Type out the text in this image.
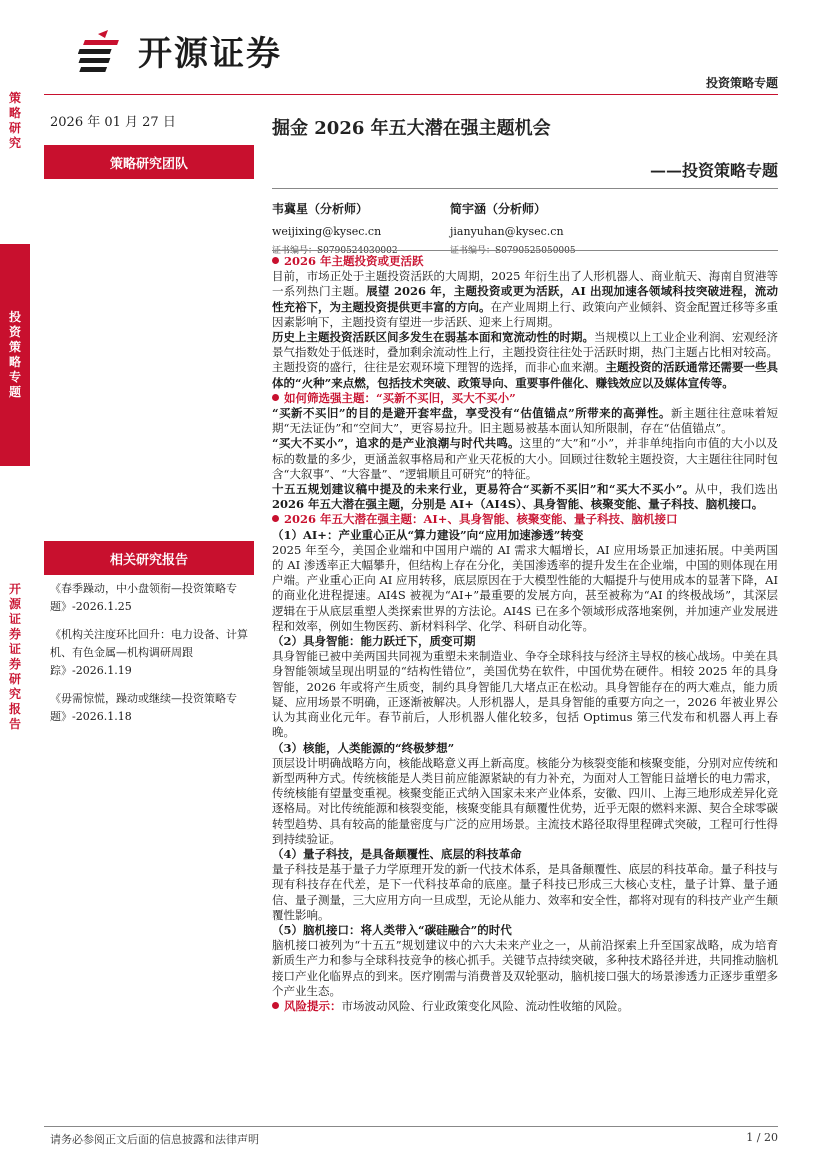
开源证券
投资策略专题
策
略
研
究
投
资
策
略
专
题
开
源
证
券
证
券
研
究
报
告
2026 年 01 月 27 日
策略研究团队
相关研究报告

《春季躁动，中小盘领衔—投资策略专题》-2026.1.25

《机构关注度环比回升：电力设备、计算机、有色金属—机构调研周跟踪》-2026.1.19

《毋需惊慌，躁动或继续—投资策略专题》-2026.1.18

掘金 2026 年五大潜在强主题机会
——投资策略专题
韦冀星（分析师）
weijixing@kysec.cn
证书编号：S0790524030002
简宇涵（分析师）
jianyuhan@kysec.cn
证书编号：S0790525050005

2026 年主题投资或更活跃

目前，市场正处于主题投资活跃的大周期，2025 年衍生出了人形机器人、商业航天、海南自贸港等一系列热门主题。展望 2026 年，主题投资或更为活跃，AI 出现加速各领域科技突破进程，流动性充裕下，为主题投资提供更丰富的方向。在产业周期上行、政策向产业倾斜、资金配置迁移等多重因素影响下，主题投资有望进一步活跃、迎来上行周期。

历史上主题投资活跃区间多发生在弱基本面和宽流动性的时期。当规模以上工业企业利润、宏观经济景气指数处于低迷时，叠加剩余流动性上行，主题投资往往处于活跃时期，热门主题占比相对较高。主题投资的盛行，往往是宏观环境下理智的选择，而非心血来潮。主题投资的活跃通常还需要一些具体的“火种”来点燃，包括技术突破、政策导向、重要事件催化、赚钱效应以及媒体宣传等。

如何筛选强主题：“买新不买旧，买大不买小”

“买新不买旧”的目的是避开套牢盘，享受没有“估值锚点”所带来的高弹性。新主题往往意味着短期“无法证伪”和“空间大”，更容易拉升。旧主题易被基本面认知所限制，存在“估值锚点”。

“买大不买小”，追求的是产业浪潮与时代共鸣。这里的“大”和“小”，并非单纯指向市值的大小以及标的数量的多少，更涵盖叙事格局和产业天花板的大小。回顾过往数轮主题投资，大主题往往同时包含“大叙事”、“大容量”、“逻辑顺且可研究”的特征。

十五五规划建议稿中提及的未来行业，更易符合“买新不买旧”和“买大不买小”。从中，我们选出2026 年五大潜在强主题，分别是 AI+（AI4S）、具身智能、核聚变能、量子科技、脑机接口。

2026 年五大潜在强主题：AI+、具身智能、核聚变能、量子科技、脑机接口

（1）AI+：产业重心正从“算力建设”向“应用加速渗透”转变

2025 年至今，美国企业端和中国用户端的 AI 需求大幅增长，AI 应用场景正加速拓展。中美两国的 AI 渗透率正大幅攀升，但结构上存在分化，美国渗透率的提升发生在企业端，中国的则体现在用户端。产业重心正向 AI 应用转移，底层原因在于大模型性能的大幅提升与使用成本的显著下降，AI 的商业化进程提速。AI4S 被视为“AI+”最重要的发展方向，甚至被称为“AI 的终极战场”，其深层逻辑在于从底层重塑人类探索世界的方法论。AI4S 已在多个领域形成落地案例，并加速产业发展进程和效率，例如生物医药、新材料科学、化学、科研自动化等。

（2）具身智能：能力跃迁下，质变可期

具身智能已被中美两国共同视为重塑未来制造业、争夺全球科技与经济主导权的核心战场。中美在具身智能领域呈现出明显的“结构性错位”，美国优势在软件，中国优势在硬件。相较 2025 年的具身智能，2026 年或将产生质变，制约具身智能几大堵点正在松动。具身智能存在的两大难点，能力质疑、应用场景不明确，正逐渐被解决。人形机器人，是具身智能的重要方向之一，2026 年被业界公认为其商业化元年。春节前后，人形机器人催化较多，包括 Optimus 第三代发布和机器人再上春晚。

（3）核能，人类能源的“终极梦想”

顶层设计明确战略方向，核能战略意义再上新高度。核能分为核裂变能和核聚变能，分别对应传统和新型两种方式。传统核能是人类目前应能源紧缺的有力补充，为面对人工智能日益增长的电力需求，传统核能有望量变重视。核聚变能正式纳入国家未来产业体系，安徽、四川、上海三地形成差异化竞逐格局。对比传统能源和核裂变能，核聚变能具有颠覆性优势，近乎无限的燃料来源、契合全球零碳转型趋势、具有较高的能量密度与广泛的应用场景。主流技术路径取得里程碑式突破，工程可行性得到持续验证。

（4）量子科技，是具备颠覆性、底层的科技革命

量子科技是基于量子力学原理开发的新一代技术体系，是具备颠覆性、底层的科技革命。量子科技与现有科技存在代差，是下一代科技革命的底座。量子科技已形成三大核心支柱，量子计算、量子通信、量子测量，三大应用方向一旦成型，无论从能力、效率和安全性，都将对现有的科技产业产生颠覆性影响。

（5）脑机接口：将人类带入“碳硅融合”的时代

脑机接口被列为“十五五”规划建议中的六大未来产业之一，从前沿探索上升至国家战略，成为培育新质生产力和参与全球科技竞争的核心抓手。关键节点持续突破，多种技术路径并进，共同推动脑机接口产业化临界点的到来。医疗刚需与消费普及双轮驱动，脑机接口强大的场景渗透力正逐步重塑多个产业生态。

风险提示：市场波动风险、行业政策变化风险、流动性收缩的风险。

请务必参阅正文后面的信息披露和法律声明	1 / 20
